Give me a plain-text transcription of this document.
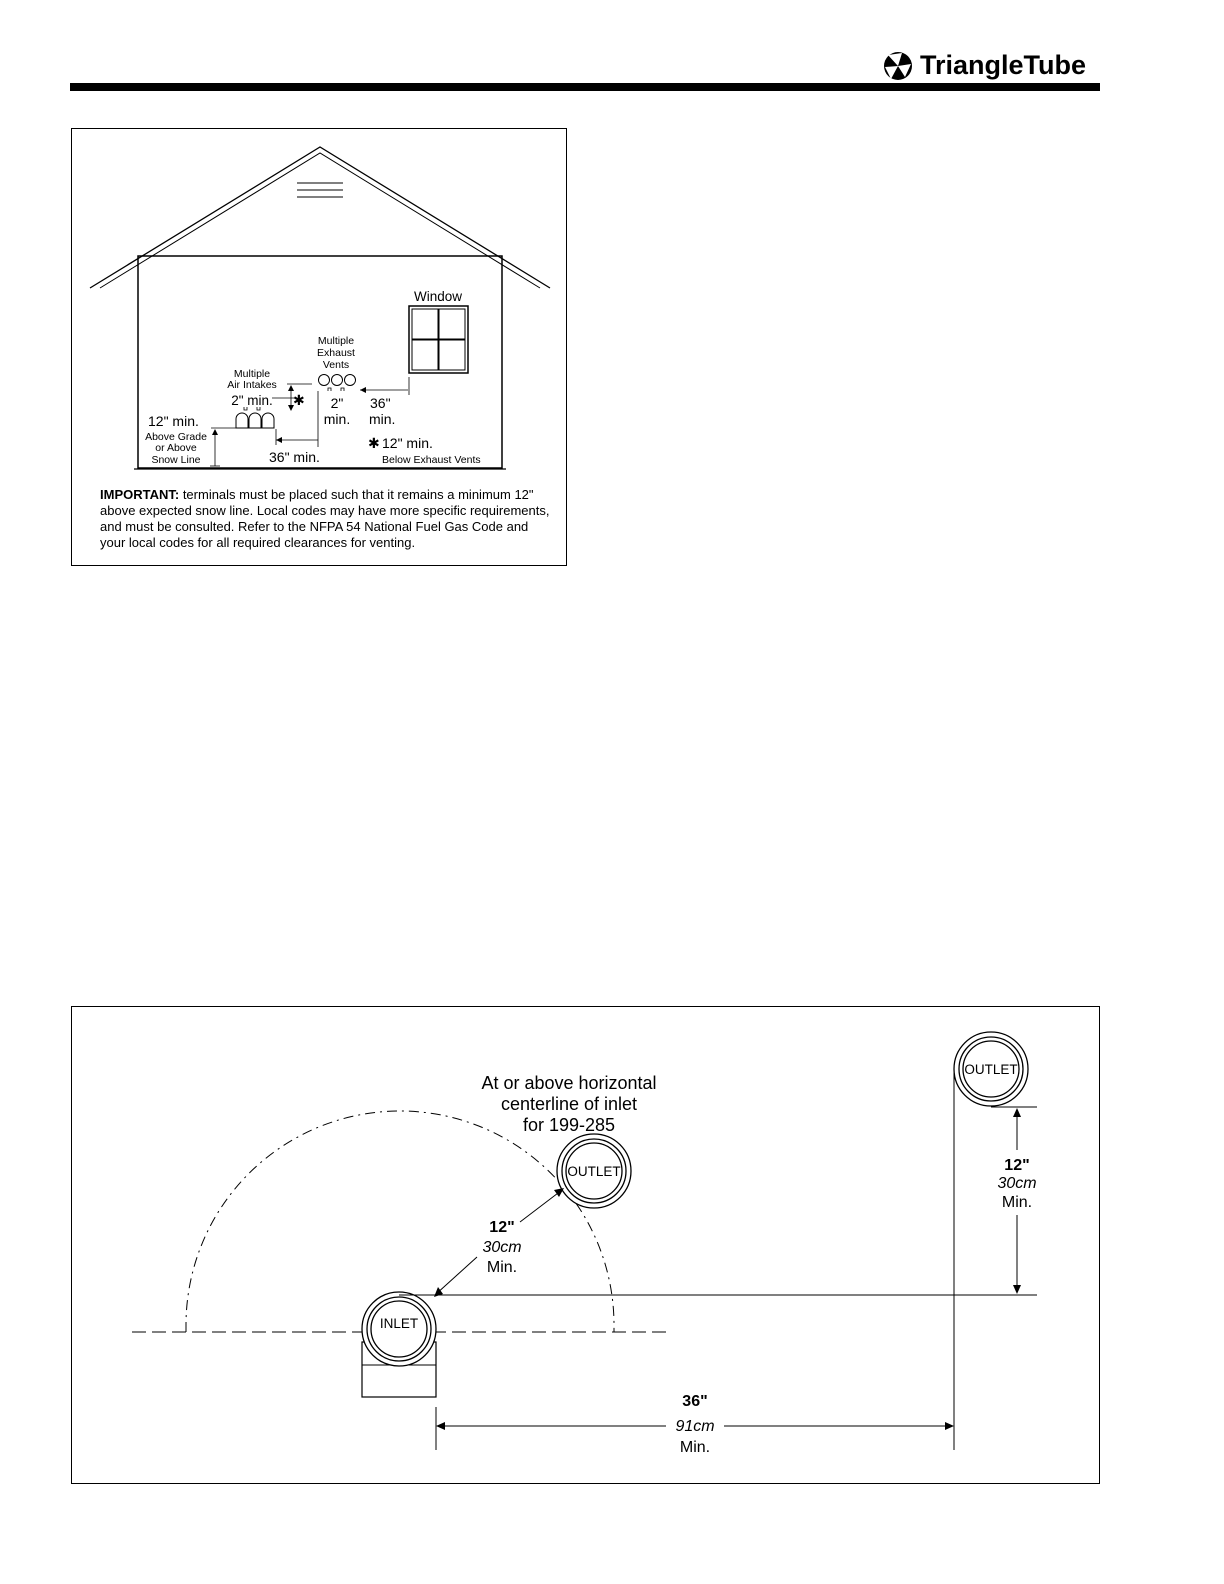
TriangleTube
Window
Multiple
Exhaust
Vents
Multiple
Air Intakes
2" min. ✱ 2"
min.
36"
min.
36" min.
12" min.
Above Grade
or Above
Snow Line
✱ 12" min.
Below Exhaust Vents
IMPORTANT: terminals must be placed such that it remains a minimum 12" above expected snow line. Local codes may have more specific requirements, and must be consulted. Refer to the NFPA 54 National Fuel Gas Code and your local codes for all required clearances for venting.
INLET
OUTLET
At or above horizontal
centerline of inlet
for 199-285
12"
30cm
Min.
OUTLET
12"
30cm
Min.
36"
91cm
Min.
